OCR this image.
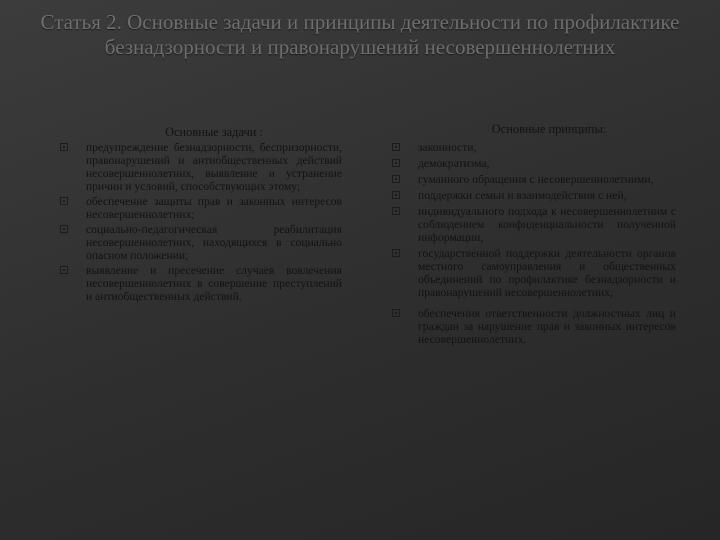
Статья 2. Основные задачи и принципы деятельности по профилактике безнадзорности и правонарушений несовершеннолетних
Основные задачи :
предупреждение безнадзорности, беспризорности, правонарушений и антиобщественных действий несовершеннолетних, выявление и устранение причин и условий, способствующих этому;
обеспечение защиты прав и законных интересов несовершеннолетних;
социально-педагогическая реабилитация несовершеннолетних, находящихся в социально опасном положении;
выявление и пресечение случаев вовлечения несовершеннолетних в совершение преступлений и антиобщественных действий.
Основные принципы:
законности,
демократизма,
гуманного обращения с несовершеннолетними,
поддержки семьи и взаимодействия с ней,
индивидуального подхода к несовершеннолетним с соблюдением конфиденциальности полученной информации,
государственной поддержки деятельности органов местного самоуправления и общественных объединений по профилактике безнадзорности и правонарушений несовершеннолетних,
обеспечения ответственности должностных лиц и граждан за нарушение прав и законных интересов несовершеннолетних.
